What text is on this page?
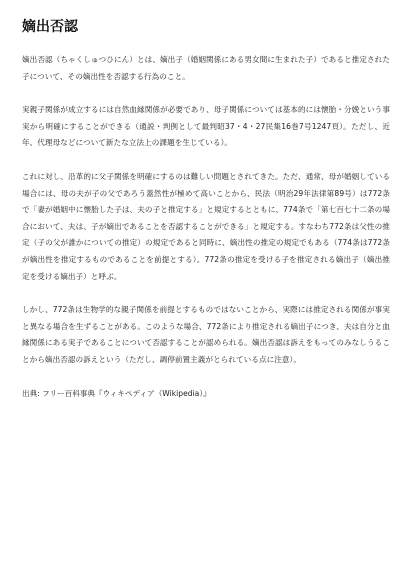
嫡出否認

嫡出否認（ちゃくしゅつひにん）とは、嫡出子（婚姻関係にある男女間に生まれた子）であると推定された子について、その嫡出性を否認する行為のこと。

実親子関係が成立するには自然血縁関係が必要であり、母子関係については基本的には懐胎・分娩という事実から明確にすることができる（通説・判例として最判昭37・4・27民集16巻7号1247頁）。ただし、近年、代理母などについて新たな立法上の課題を生じている）。

これに対し、沿革的に父子関係を明確にするのは難しい問題とされてきた。ただ、通常、母が婚姻している場合には、母の夫が子の父であろう蓋然性が極めて高いことから、民法（明治29年法律第89号）は772条で「妻が婚姻中に懐胎した子は、夫の子と推定する」と規定するとともに、774条で「第七百七十二条の場合において、夫は、子が嫡出であることを否認することができる」と規定する。すなわち772条は父性の推定（子の父が誰かについての推定）の規定であると同時に、嫡出性の推定の規定でもある（774条は772条が嫡出性を推定するものであることを前提とする）。772条の推定を受ける子を推定される嫡出子（嫡出推定を受ける嫡出子）と呼ぶ。

しかし、772条は生物学的な親子関係を前提とするものではないことから、実際には推定される関係が事実と異なる場合を生ずることがある。このような場合、772条により推定される嫡出子につき、夫は自分と血縁関係にある実子であることについて否認することが認められる。嫡出否認は訴えをもってのみなしうることから嫡出否認の訴えという（ただし、調停前置主義がとられている点に注意）。

出典: フリー百科事典『ウィキペディア（Wikipedia）』
